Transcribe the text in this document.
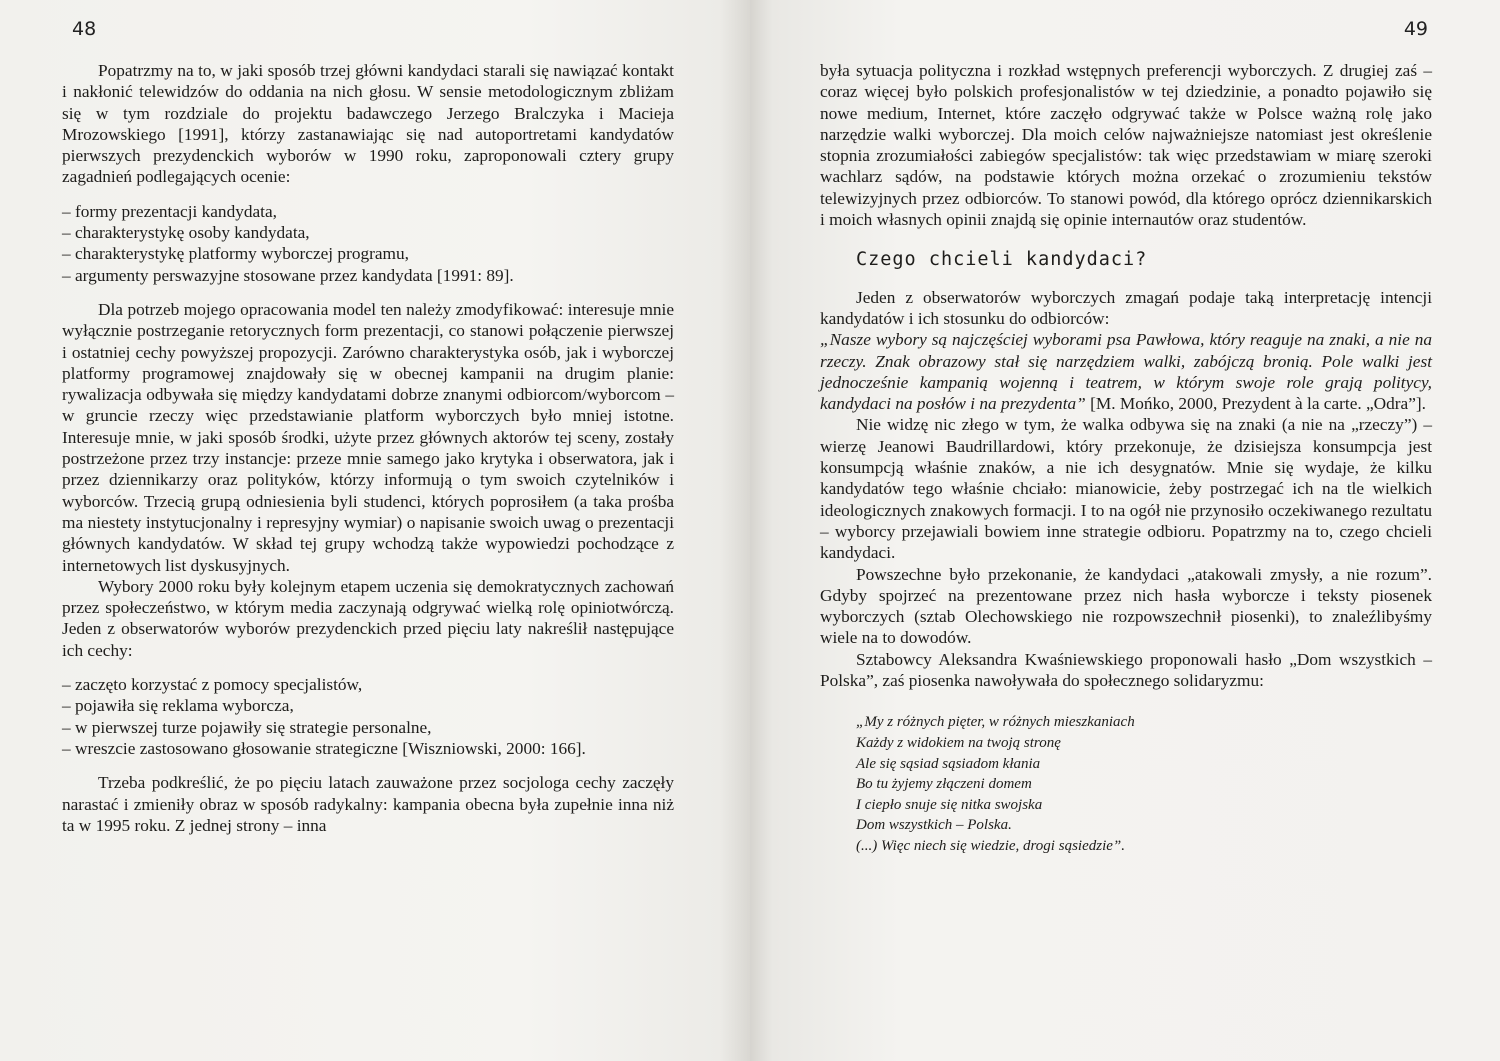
48

Popatrzmy na to, w jaki sposób trzej główni kandydaci starali się nawiązać kontakt i nakłonić telewidzów do oddania na nich głosu. W sensie metodologicznym zbliżam się w tym rozdziale do projektu badawczego Jerzego Bralczyka i Macieja Mrozowskiego [1991], którzy zastanawiając się nad autoportretami kandydatów pierwszych prezydenckich wyborów w 1990 roku, zaproponowali cztery grupy zagadnień podlegających ocenie:

– formy prezentacji kandydata,
– charakterystykę osoby kandydata,
– charakterystykę platformy wyborczej programu,
– argumenty perswazyjne stosowane przez kandydata [1991: 89].

Dla potrzeb mojego opracowania model ten należy zmodyfikować: interesuje mnie wyłącznie postrzeganie retorycznych form prezentacji, co stanowi połączenie pierwszej i ostatniej cechy powyższej propozycji. Zarówno charakterystyka osób, jak i wyborczej platformy programowej znajdowały się w obecnej kampanii na drugim planie: rywalizacja odbywała się między kandydatami dobrze znanymi odbiorcom/wyborcom – w gruncie rzeczy więc przedstawianie platform wyborczych było mniej istotne. Interesuje mnie, w jaki sposób środki, użyte przez głównych aktorów tej sceny, zostały postrzeżone przez trzy instancje: przeze mnie samego jako krytyka i obserwatora, jak i przez dziennikarzy oraz polityków, którzy informują o tym swoich czytelników i wyborców. Trzecią grupą odniesienia byli studenci, których poprosiłem (a taka prośba ma niestety instytucjonalny i represyjny wymiar) o napisanie swoich uwag o prezentacji głównych kandydatów. W skład tej grupy wchodzą także wypowiedzi pochodzące z internetowych list dyskusyjnych.

Wybory 2000 roku były kolejnym etapem uczenia się demokratycznych zachowań przez społeczeństwo, w którym media zaczynają odgrywać wielką rolę opiniotwórczą. Jeden z obserwatorów wyborów prezydenckich przed pięciu laty nakreślił następujące ich cechy:

– zaczęto korzystać z pomocy specjalistów,
– pojawiła się reklama wyborcza,
– w pierwszej turze pojawiły się strategie personalne,
– wreszcie zastosowano głosowanie strategiczne [Wiszniowski, 2000: 166].

Trzeba podkreślić, że po pięciu latach zauważone przez socjologa cechy zaczęły narastać i zmieniły obraz w sposób radykalny: kampania obecna była zupełnie inna niż ta w 1995 roku. Z jednej strony – inna

49

była sytuacja polityczna i rozkład wstępnych preferencji wyborczych. Z drugiej zaś – coraz więcej było polskich profesjonalistów w tej dziedzinie, a ponadto pojawiło się nowe medium, Internet, które zaczęło odgrywać także w Polsce ważną rolę jako narzędzie walki wyborczej. Dla moich celów najważniejsze natomiast jest określenie stopnia zrozumiałości zabiegów specjalistów: tak więc przedstawiam w miarę szeroki wachlarz sądów, na podstawie których można orzekać o zrozumieniu tekstów telewizyjnych przez odbiorców. To stanowi powód, dla którego oprócz dziennikarskich i moich własnych opinii znajdą się opinie internautów oraz studentów.

Czego chcieli kandydaci?

Jeden z obserwatorów wyborczych zmagań podaje taką interpretację intencji kandydatów i ich stosunku do odbiorców:

„Nasze wybory są najczęściej wyborami psa Pawłowa, który reaguje na znaki, a nie na rzeczy. Znak obrazowy stał się narzędziem walki, zabójczą bronią. Pole walki jest jednocześnie kampanią wojenną i teatrem, w którym swoje role grają politycy, kandydaci na posłów i na prezydenta” [M. Mońko, 2000, Prezydent à la carte. „Odra”].

Nie widzę nic złego w tym, że walka odbywa się na znaki (a nie na „rzeczy”) – wierzę Jeanowi Baudrillardowi, który przekonuje, że dzisiejsza konsumpcja jest konsumpcją właśnie znaków, a nie ich desygnatów. Mnie się wydaje, że kilku kandydatów tego właśnie chciało: mianowicie, żeby postrzegać ich na tle wielkich ideologicznych znakowych formacji. I to na ogół nie przynosiło oczekiwanego rezultatu – wyborcy przejawiali bowiem inne strategie odbioru. Popatrzmy na to, czego chcieli kandydaci.

Powszechne było przekonanie, że kandydaci „atakowali zmysły, a nie rozum”. Gdyby spojrzeć na prezentowane przez nich hasła wyborcze i teksty piosenek wyborczych (sztab Olechowskiego nie rozpowszechnił piosenki), to znaleźlibyśmy wiele na to dowodów.

Sztabowcy Aleksandra Kwaśniewskiego proponowali hasło „Dom wszystkich – Polska”, zaś piosenka nawoływała do społecznego solidaryzmu:

„My z różnych pięter, w różnych mieszkaniach
Każdy z widokiem na twoją stronę
Ale się sąsiad sąsiadom kłania
Bo tu żyjemy złączeni domem
I ciepło snuje się nitka swojska
Dom wszystkich – Polska.
(...) Więc niech się wiedzie, drogi sąsiedzie”.
